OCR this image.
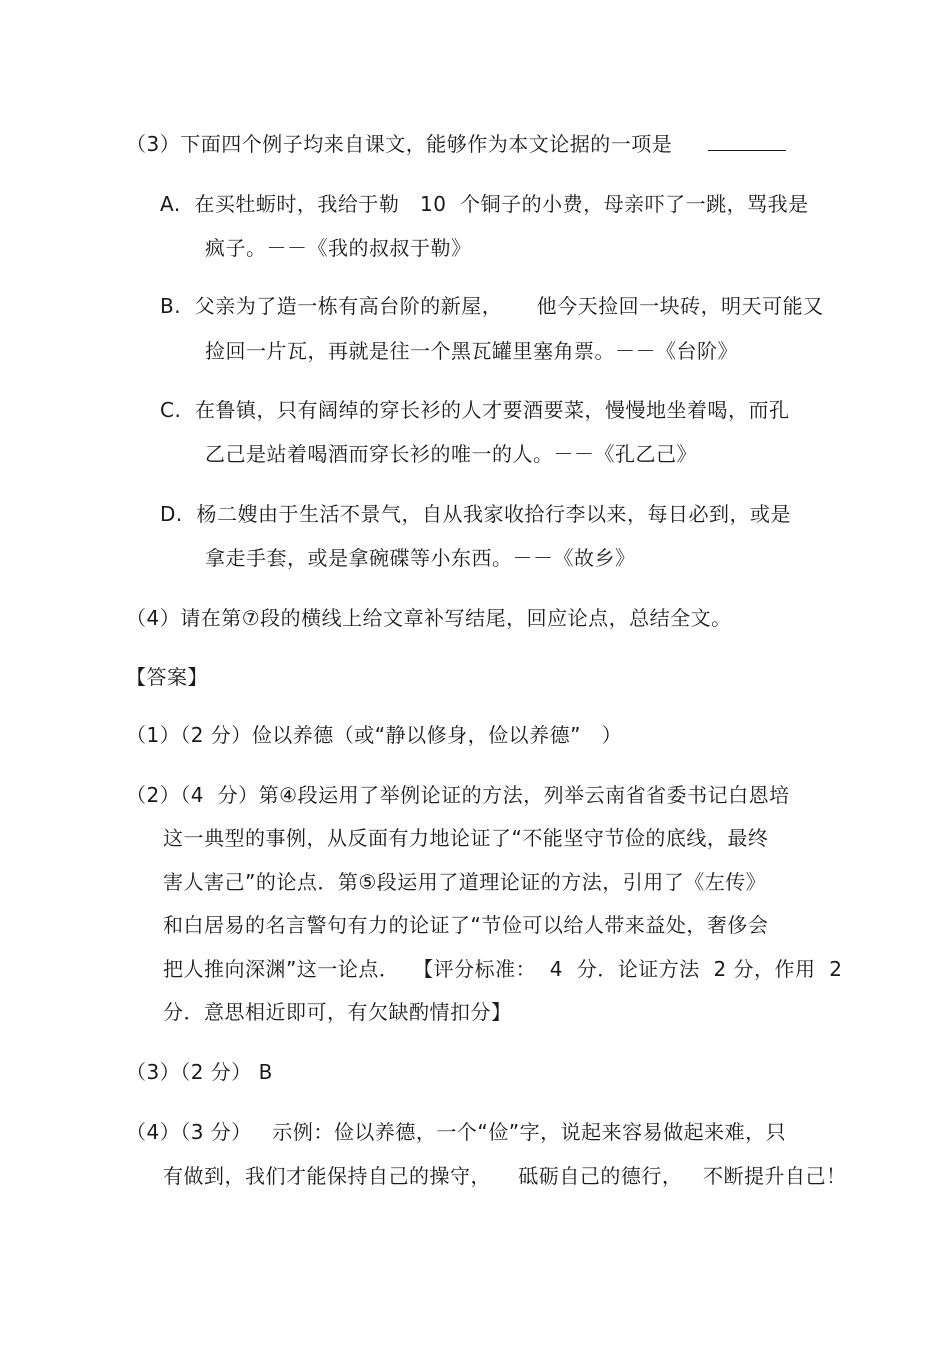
（3）下面四个例子均来自课文，能够作为本文论据的一项是
A.  在买牡蛎时，我给于勒   10  个铜子的小费，母亲吓了一跳，骂我是
疯子。－－《我的叔叔于勒》
B.  父亲为了造一栋有高台阶的新屋，     他今天捡回一块砖，明天可能又
捡回一片瓦，再就是往一个黑瓦罐里塞角票。－－《台阶》
C.  在鲁镇，只有阔绰的穿长衫的人才要酒要菜，慢慢地坐着喝，而孔
乙己是站着喝酒而穿长衫的唯一的人。－－《孔乙己》
D.  杨二嫂由于生活不景气，自从我家收拾行李以来，每日必到，或是
拿走手套，或是拿碗碟等小东西。－－《故乡》
（4）请在第⑦段的横线上给文章补写结尾，回应论点，总结全文。
【答案】
（1）（2 分）俭以养德（或“静以修身，俭以养德”   ）
（2）（4  分）第④段运用了举例论证的方法，列举云南省省委书记白恩培
这一典型的事例，从反面有力地论证了“不能坚守节俭的底线，最终
害人害己”的论点．第⑤段运用了道理论证的方法，引用了《左传》
和白居易的名言警句有力的论证了“节俭可以给人带来益处，奢侈会
把人推向深渊”这一论点．  【评分标准：  4  分．论证方法  2 分，作用  2
分．意思相近即可，有欠缺酌情扣分】
（3）（2 分） B
（4）（3 分）   示例：俭以养德，一个“俭”字，说起来容易做起来难，只
有做到，我们才能保持自己的操守，    砥砺自己的德行，   不断提升自己！
